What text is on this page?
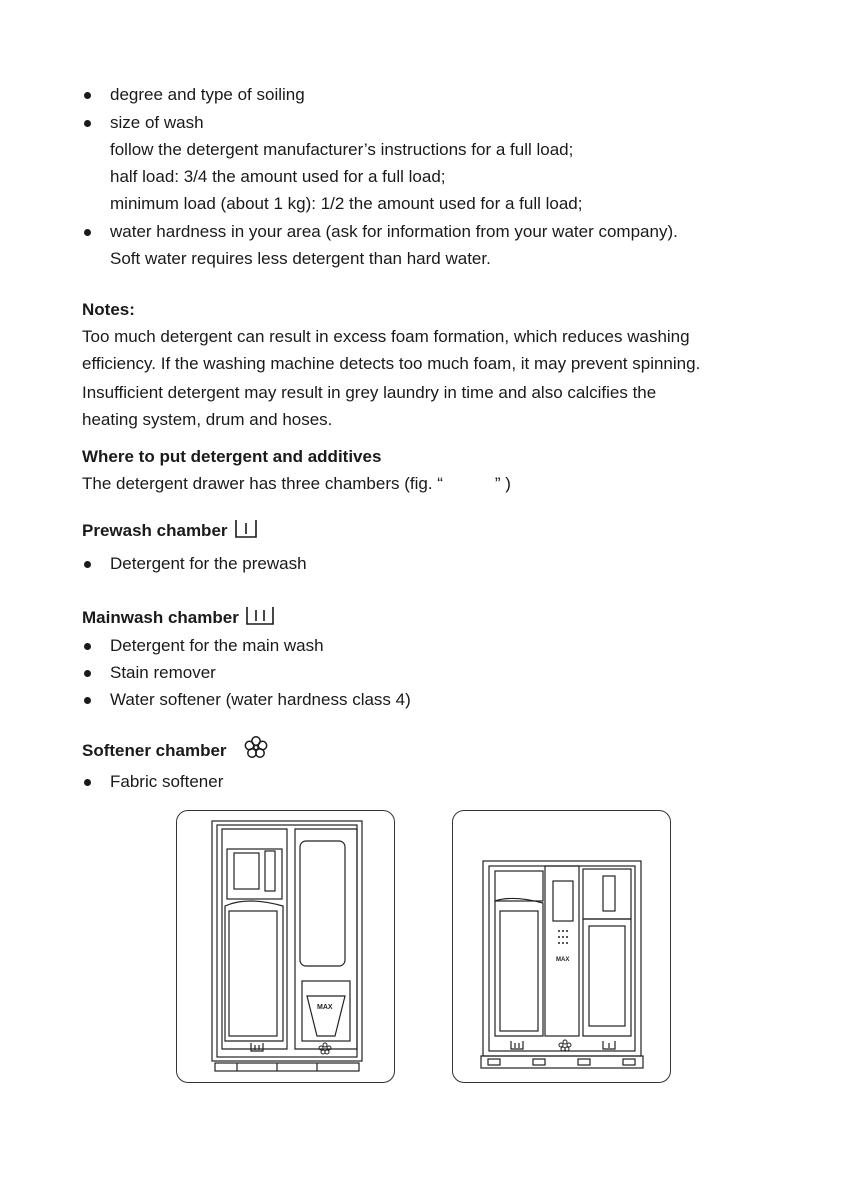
degree and type of soiling
size of wash
follow the detergent manufacturer’s instructions for a full load;
half load: 3/4 the amount used for a full load;
minimum load (about 1 kg): 1/2 the amount used for a full load;
water hardness in your area (ask for information from your water company).
Soft water requires less detergent than hard water.
Notes:
Too much detergent can result in excess foam formation, which reduces washing
efficiency. If the washing machine detects too much foam, it may prevent spinning.
Insufficient detergent may result in grey laundry in time and also calcifies the
heating system, drum and hoses.
Where to put detergent and additives
The detergent drawer has three chambers (fig. “           ” )
Prewash chamber
Detergent for the prewash
Mainwash chamber
Detergent for the main wash
Stain remover
Water softener (water hardness class 4)
Softener chamber
Fabric softener
MAX
MAX
